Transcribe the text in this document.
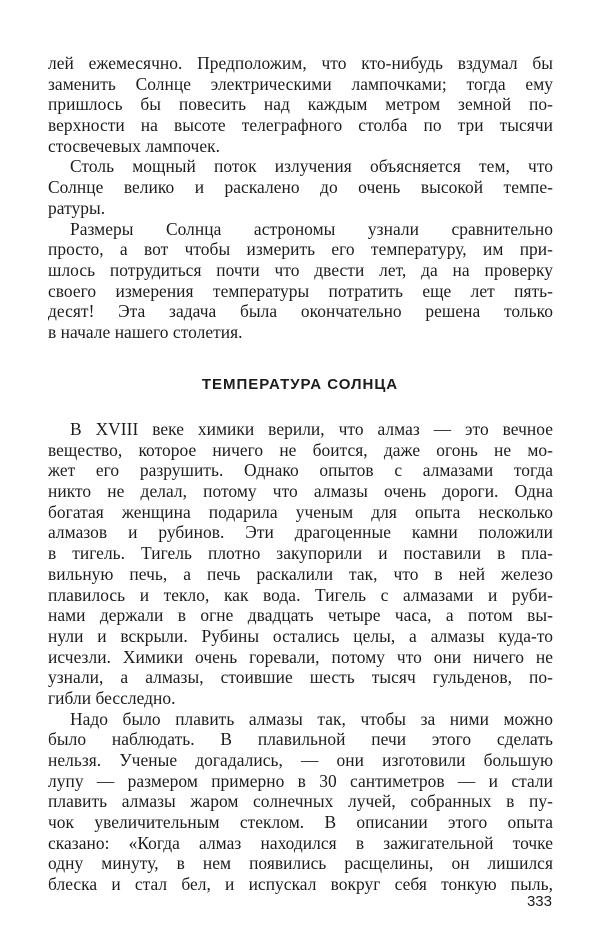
лей ежемесячно. Предположим, что кто-нибудь вздумал бы
заменить Солнце электрическими лампочками; тогда ему
пришлось бы повесить над каждым метром земной по-
верхности на высоте телеграфного столба по три тысячи
стосвечевых лампочек.
Столь мощный поток излучения объясняется тем, что
Солнце велико и раскалено до очень высокой темпе-
ратуры.
Размеры Солнца астрономы узнали сравнительно
просто, а вот чтобы измерить его температуру, им при-
шлось потрудиться почти что двести лет, да на проверку
своего измерения температуры потратить еще лет пять-
десят! Эта задача была окончательно решена только
в начале нашего столетия.
ТЕМПЕРАТУРА СОЛНЦА
В XVIII веке химики верили, что алмаз — это вечное
вещество, которое ничего не боится, даже огонь не мо-
жет его разрушить. Однако опытов с алмазами тогда
никто не делал, потому что алмазы очень дороги. Одна
богатая женщина подарила ученым для опыта несколько
алмазов и рубинов. Эти драгоценные камни положили
в тигель. Тигель плотно закупорили и поставили в пла-
вильную печь, а печь раскалили так, что в ней железо
плавилось и текло, как вода. Тигель с алмазами и руби-
нами держали в огне двадцать четыре часа, а потом вы-
нули и вскрыли. Рубины остались целы, а алмазы куда-то
исчезли. Химики очень горевали, потому что они ничего не
узнали, а алмазы, стоившие шесть тысяч гульденов, по-
гибли бесследно.
Надо было плавить алмазы так, чтобы за ними можно
было наблюдать. В плавильной печи этого сделать
нельзя. Ученые догадались, — они изготовили большую
лупу — размером примерно в 30 сантиметров — и стали
плавить алмазы жаром солнечных лучей, собранных в пу-
чок увеличительным стеклом. В описании этого опыта
сказано: «Когда алмаз находился в зажигательной точке
одну минуту, в нем появились расщелины, он лишился
блеска и стал бел, и испускал вокруг себя тонкую пыль,
333
